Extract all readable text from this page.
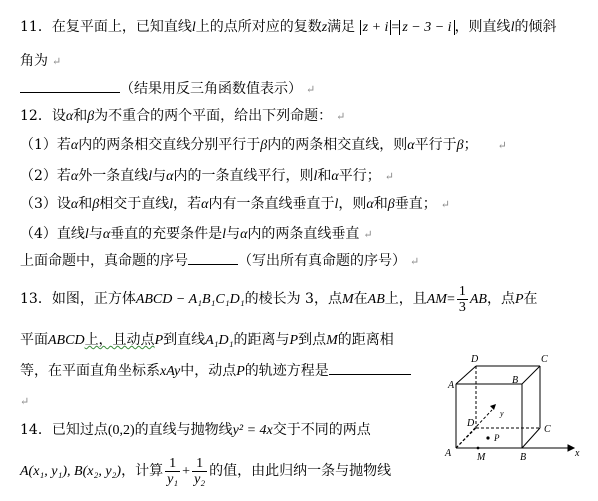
11．在复平面上，已知直线l上的点所对应的复数z满足 z + i = z − 3 − i ，则直线l的倾斜
角为 ↵
（结果用反三角函数值表示） ↵
12．设α和β为不重合的两个平面，给出下列命题： ↵
（1）若α内的两条相交直线分别平行于β内的两条相交直线，则α平行于β； ↵
（2）若α外一条直线l与α内的一条直线平行，则l和α平行； ↵
（3）设α和β相交于直线l，若α内有一条直线垂直于l，则α和β垂直； ↵
（4）直线l与α垂直的充要条件是l与α内的两条直线垂直 ↵
上面命题中，真命题的序号	（写出所有真命题的序号） ↵
13．如图，正方体ABCD − A₁B₁C₁D₁的棱长为 3，点M在AB上，且$AM= \frac{1}{3}$ AB，点P在
平面ABCD上，且动点P到直线A₁D₁的距离与P到点M的距离相
等，在平面直角坐标系xAy中，动点P的轨迹方程是
↵
14．已知过点(0,2)的直线与抛物线y² = 4x交于不同的两点
A(x₁, y₁), B(x₂, y₂)，计算 $\frac{1}{\text{y₁}} + \frac{1}{\text{y₂}}$ 的值，由此归纳一条与抛物线
D	C
A	B
D
C
y
P
A	M	B	x
